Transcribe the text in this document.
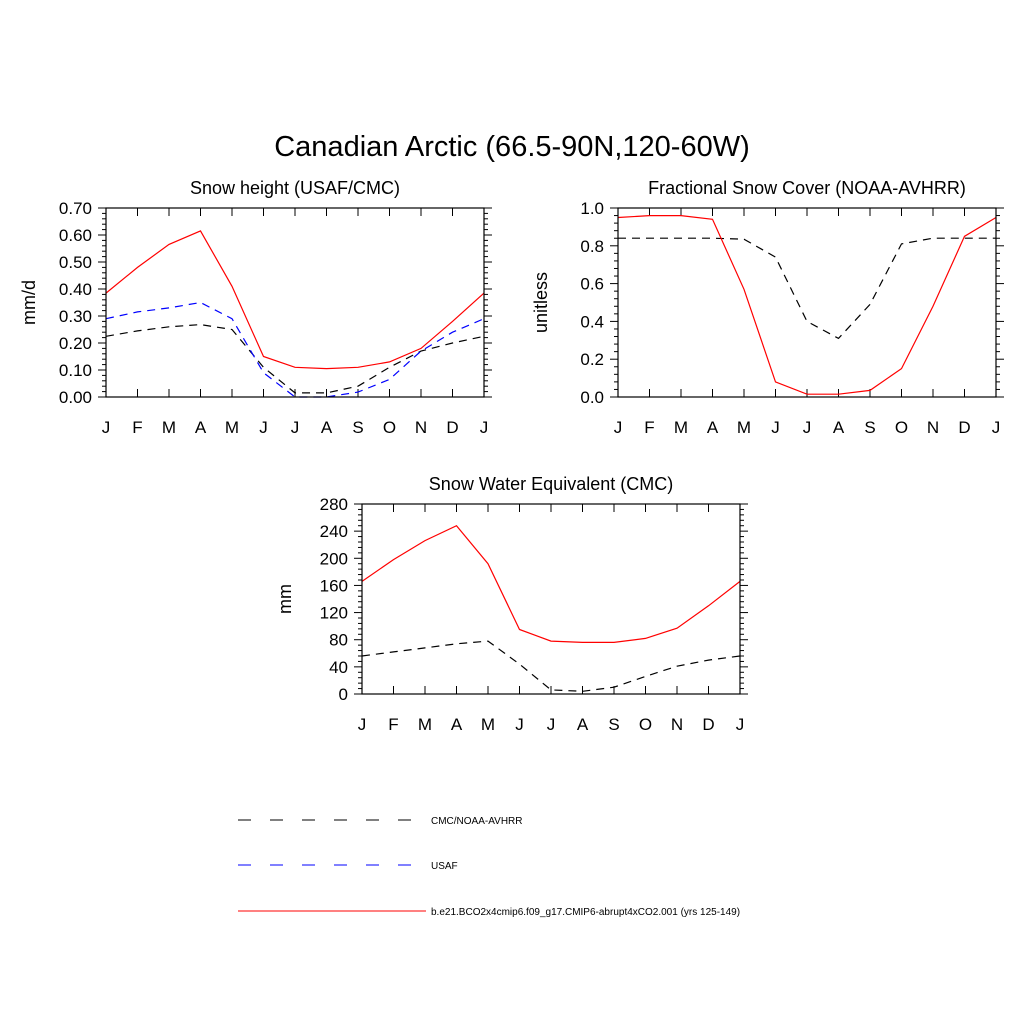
Canadian Arctic (66.5-90N,120-60W)
Snow height (USAF/CMC)
mm/d
J F M A M J J A S O N D J
0.00
0.10
0.20
0.30
0.40
0.50
0.60
0.70
Fractional Snow Cover (NOAA-AVHRR)
unitless
J F M A M J J A S O N D J
0.0
0.2
0.4
0.6
0.8
1.0
Snow Water Equivalent (CMC)
mm
J F M A M J J A S O N D J
0
40
80
120
160
200
240
280
CMC/NOAA-AVHRR
USAF
b.e21.BCO2x4cmip6.f09_g17.CMIP6-abrupt4xCO2.001 (yrs 125-149)
